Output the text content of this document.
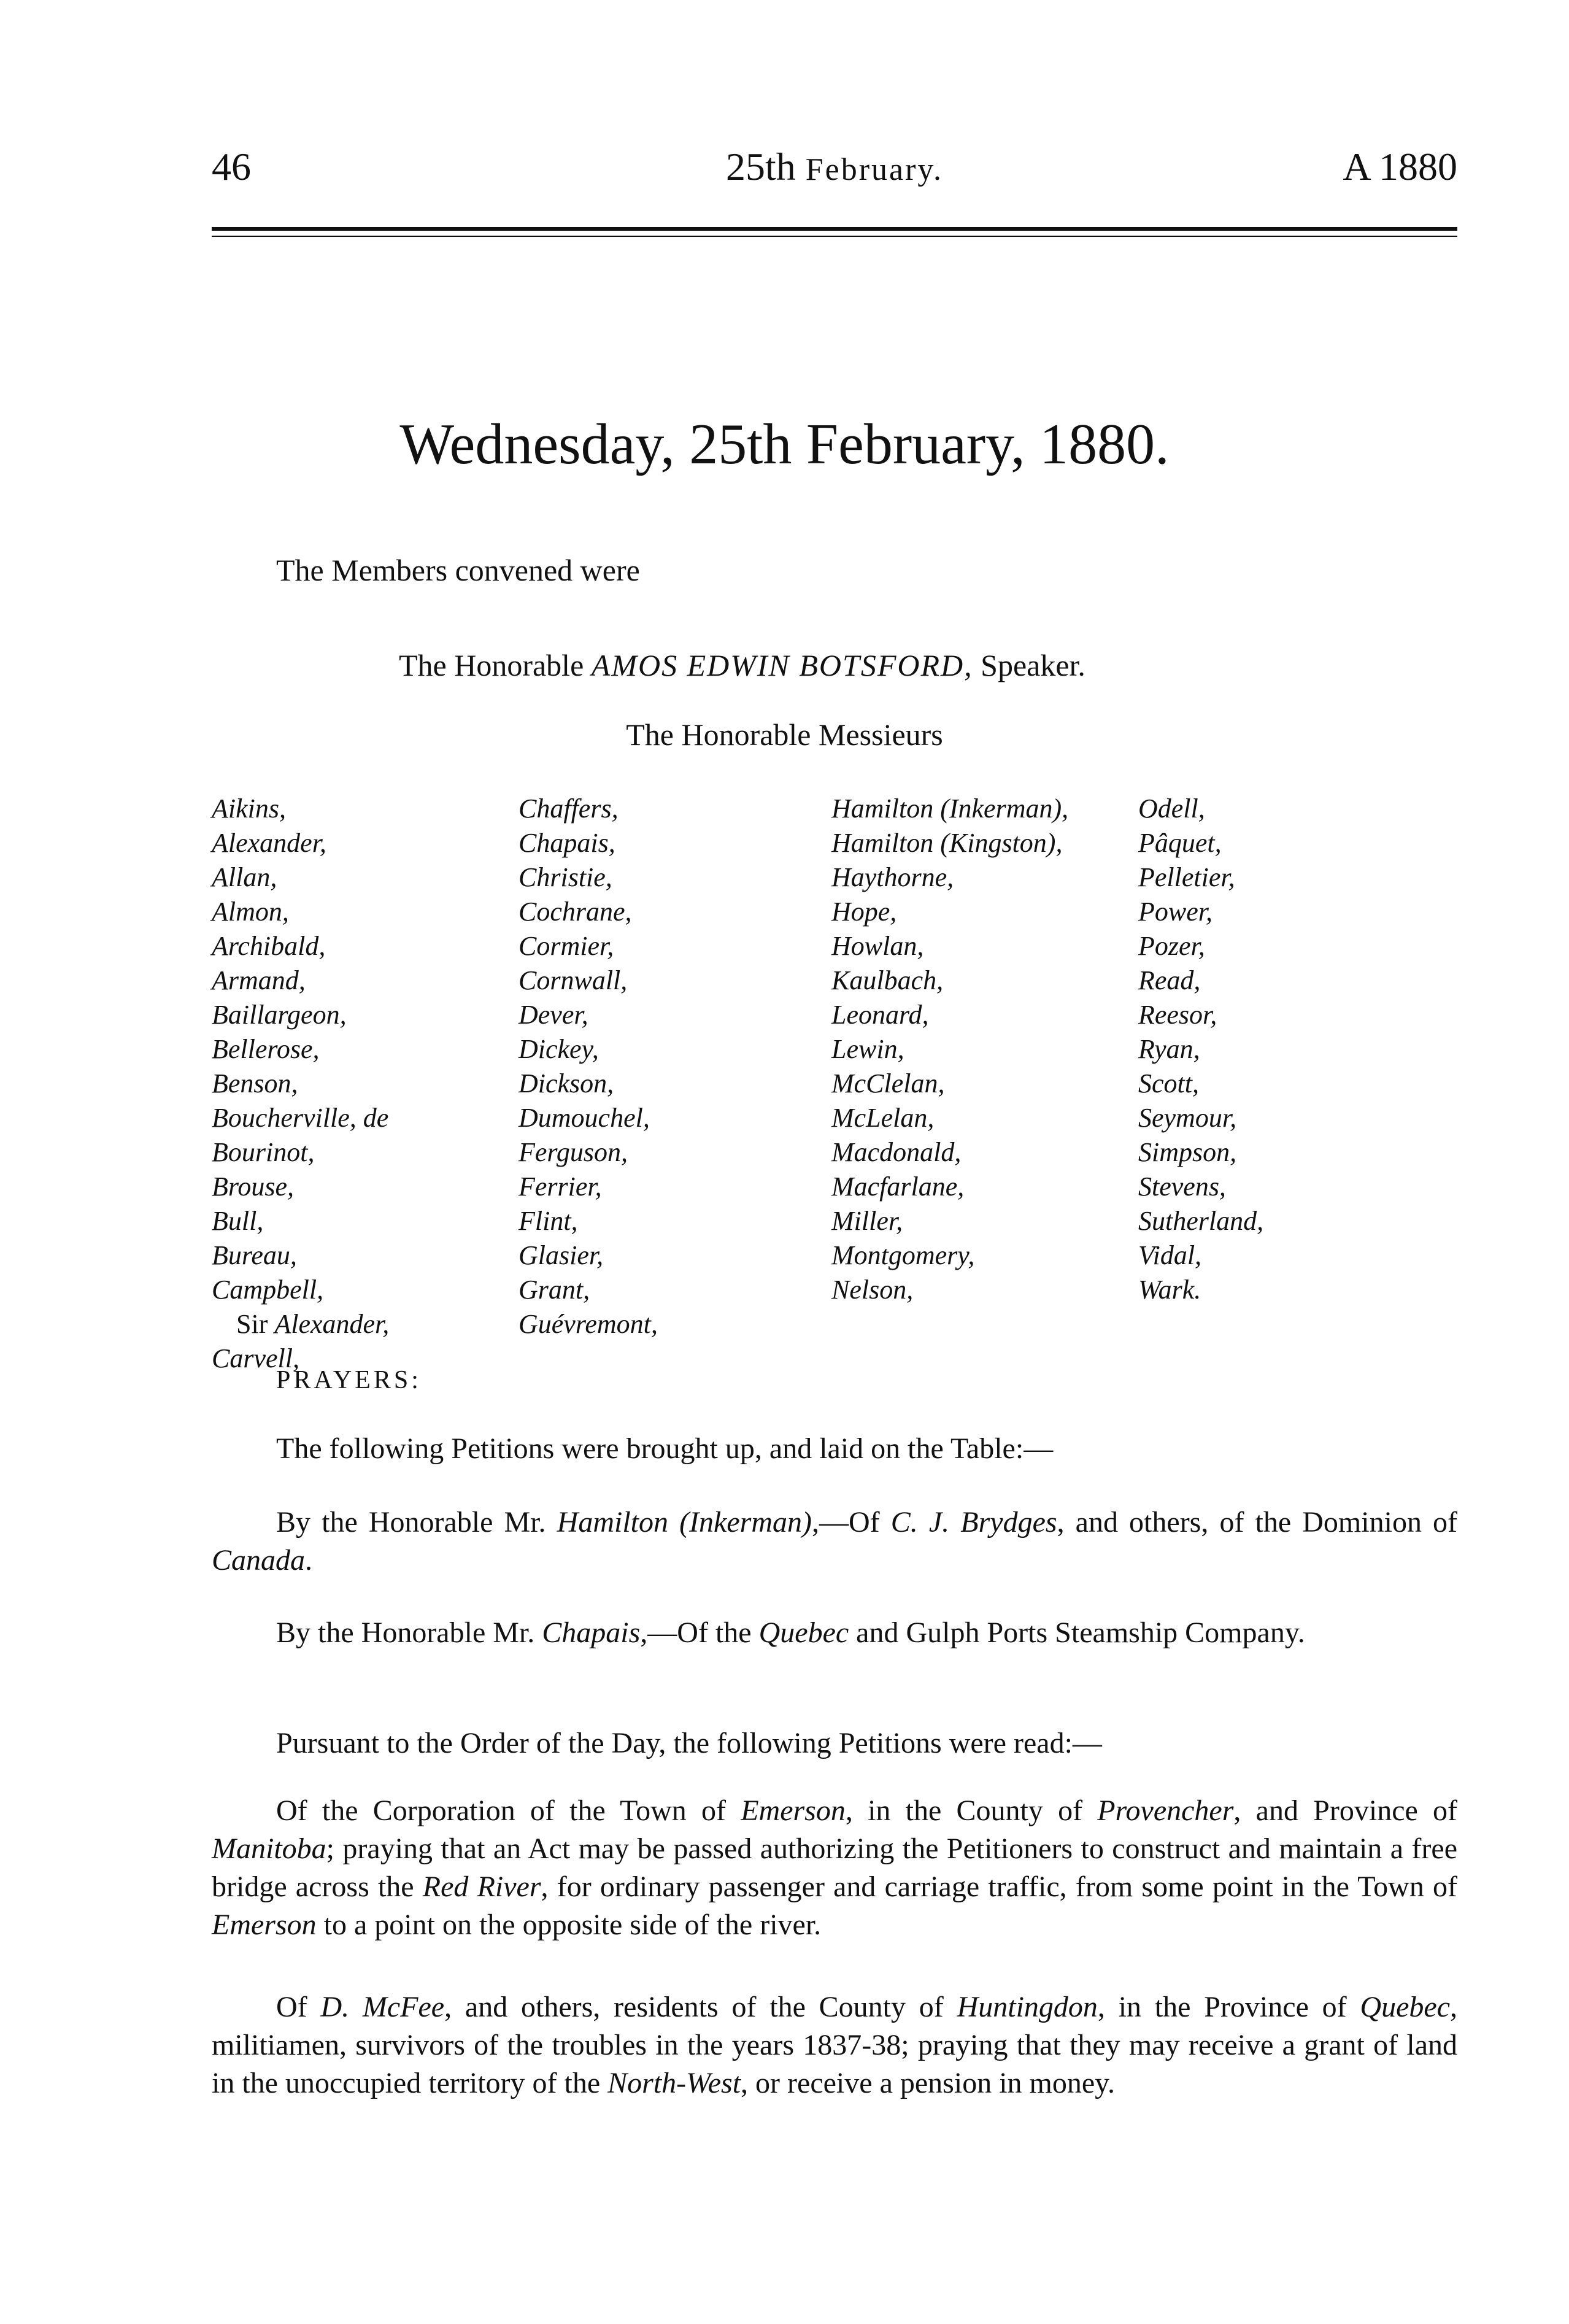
46	25th February.	A 1880
Wednesday, 25th February, 1880.
The Members convened were
The Honorable AMOS EDWIN BOTSFORD, Speaker.
The Honorable Messieurs
Aikins,
Alexander,
Allan,
Almon,
Archibald,
Armand,
Baillargeon,
Bellerose,
Benson,
Boucherville, de
Bourinot,
Brouse,
Bull,
Bureau,
Campbell,
Sir Alexander,
Carvell,
Chaffers,
Chapais,
Christie,
Cochrane,
Cormier,
Cornwall,
Dever,
Dickey,
Dickson,
Dumouchel,
Ferguson,
Ferrier,
Flint,
Glasier,
Grant,
Guévremont,
Hamilton (Inkerman),
Hamilton (Kingston),
Haythorne,
Hope,
Howlan,
Kaulbach,
Leonard,
Lewin,
McClelan,
McLelan,
Macdonald,
Macfarlane,
Miller,
Montgomery,
Nelson,
Odell,
Pâquet,
Pelletier,
Power,
Pozer,
Read,
Reesor,
Ryan,
Scott,
Seymour,
Simpson,
Stevens,
Sutherland,
Vidal,
Wark.
PRAYERS:
The following Petitions were brought up, and laid on the Table:—
By the Honorable Mr. Hamilton (Inkerman),—Of C. J. Brydges, and others, of the Dominion of Canada.
By the Honorable Mr. Chapais,—Of the Quebec and Gulph Ports Steamship Company.
Pursuant to the Order of the Day, the following Petitions were read:—
Of the Corporation of the Town of Emerson, in the County of Provencher, and Province of Manitoba; praying that an Act may be passed authorizing the Petitioners to construct and maintain a free bridge across the Red River, for ordinary passenger and carriage traffic, from some point in the Town of Emerson to a point on the opposite side of the river.
Of D. McFee, and others, residents of the County of Huntingdon, in the Province of Quebec, militiamen, survivors of the troubles in the years 1837-38; praying that they may receive a grant of land in the unoccupied territory of the North-West, or receive a pension in money.
